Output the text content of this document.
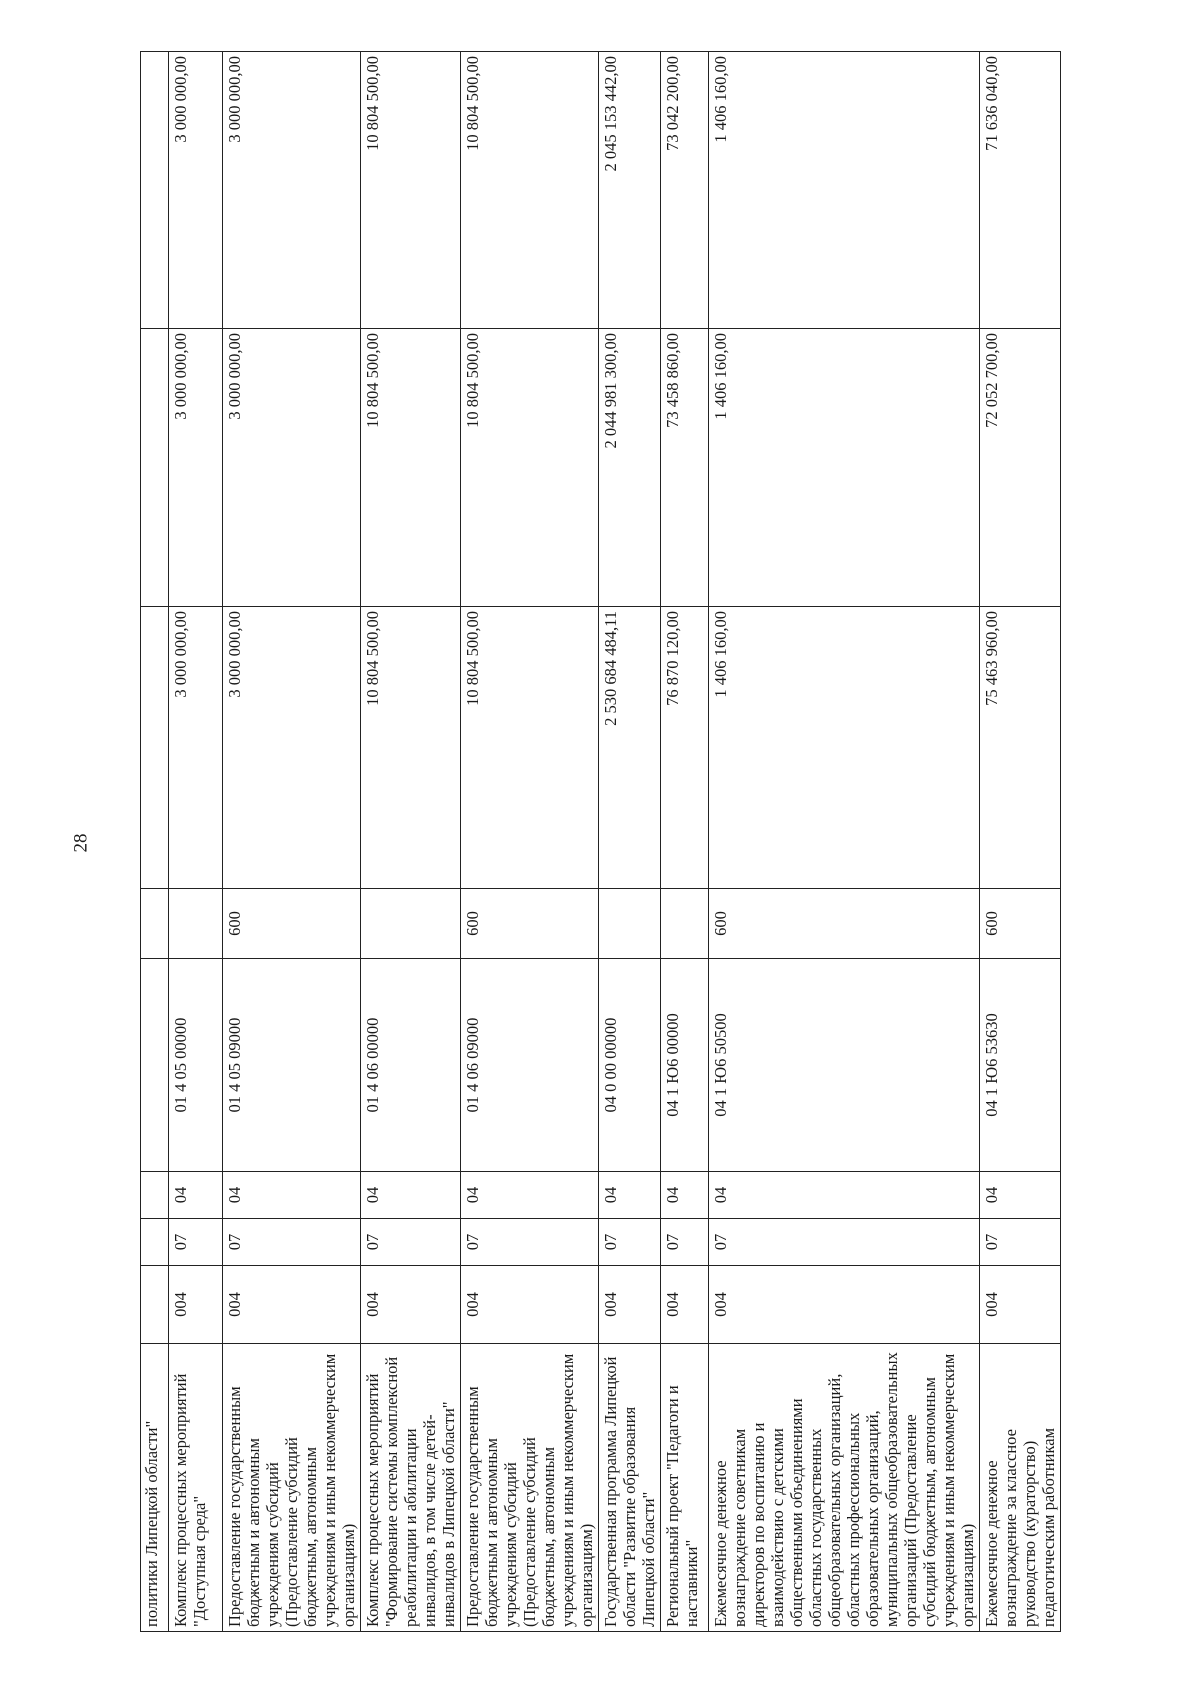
28
политики Липецкой области"								
Комплекс процессных мероприятий "Доступная среда"	004	07	04	01 4 05 00000		3 000 000,00	3 000 000,00	3 000 000,00
Предоставление государственным бюджетным и автономным учреждениям субсидий (Предоставление субсидий бюджетным, автономным учреждениям и иным некоммерческим организациям)	004	07	04	01 4 05 09000	600	3 000 000,00	3 000 000,00	3 000 000,00
Комплекс процессных мероприятий "Формирование системы комплексной реабилитации и абилитации инвалидов, в том числе детей-инвалидов в Липецкой области"	004	07	04	01 4 06 00000		10 804 500,00	10 804 500,00	10 804 500,00
Предоставление государственным бюджетным и автономным учреждениям субсидий (Предоставление субсидий бюджетным, автономным учреждениям и иным некоммерческим организациям)	004	07	04	01 4 06 09000	600	10 804 500,00	10 804 500,00	10 804 500,00
Государственная программа Липецкой области "Развитие образования Липецкой области"	004	07	04	04 0 00 00000		2 530 684 484,11	2 044 981 300,00	2 045 153 442,00
Региональный проект "Педагоги и наставники"	004	07	04	04 1 Ю6 00000		76 870 120,00	73 458 860,00	73 042 200,00
Ежемесячное денежное вознаграждение советникам директоров по воспитанию и взаимодействию с детскими общественными объединениями областных государственных общеобразовательных организаций, областных профессиональных образовательных организаций, муниципальных общеобразовательных организаций (Предоставление субсидий бюджетным, автономным учреждениям и иным некоммерческим организациям)	004	07	04	04 1 Ю6 50500	600	1 406 160,00	1 406 160,00	1 406 160,00
Ежемесячное денежное вознаграждение за классное руководство (кураторство) педагогическим работникам	004	07	04	04 1 Ю6 53630	600	75 463 960,00	72 052 700,00	71 636 040,00
